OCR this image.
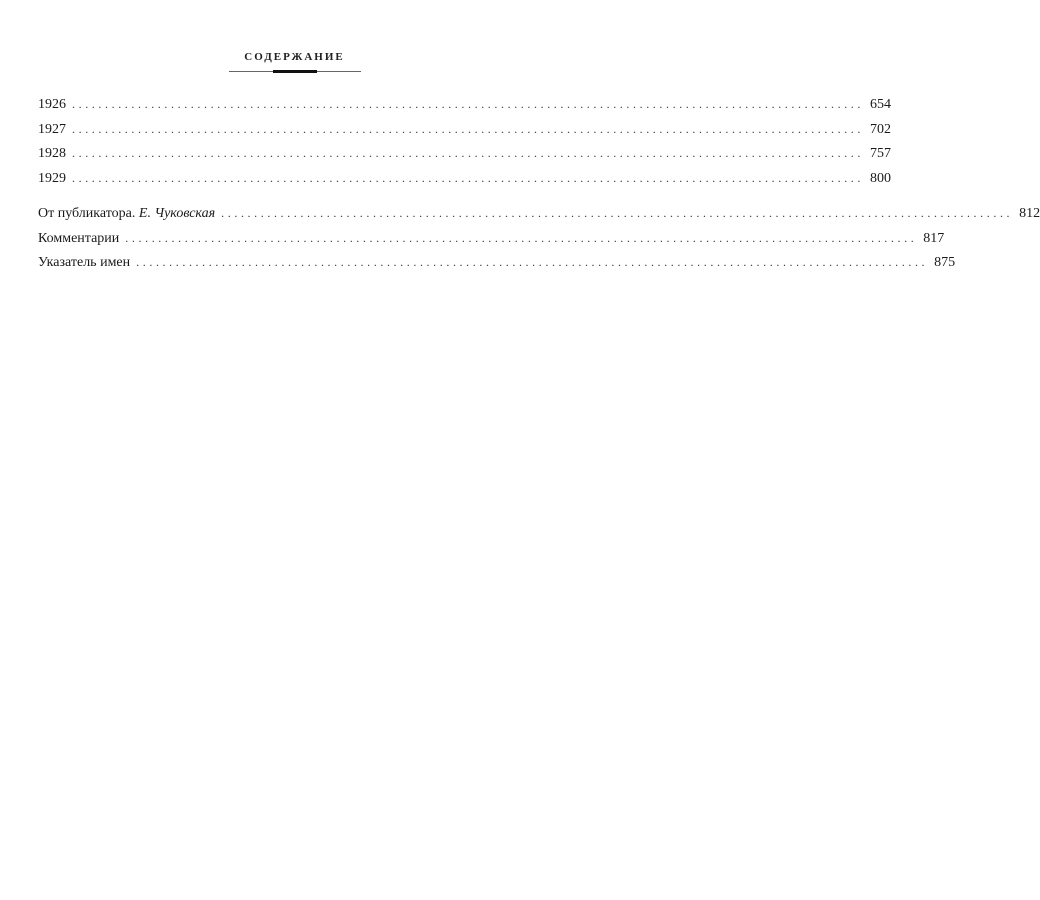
СОДЕРЖАНИЕ
1926 ........................................................................................................................ 654
1927 ........................................................................................................................ 702
1928 ........................................................................................................................ 757
1929 ........................................................................................................................ 800
От публикатора. Е. Чуковская ........................................................................................................................ 812
Комментарии ........................................................................................................................ 817
Указатель имен ........................................................................................................................ 875
